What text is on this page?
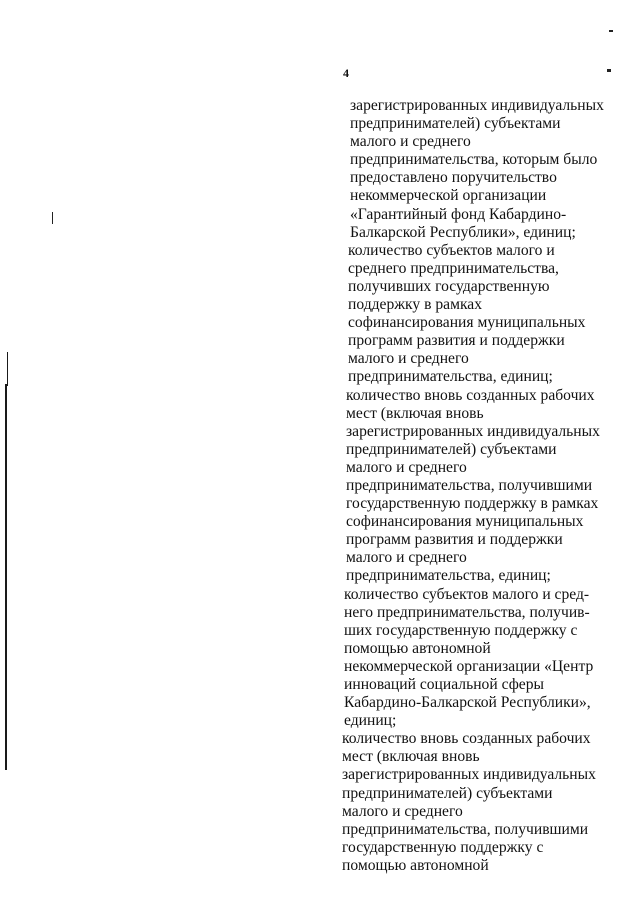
4
зарегистрированных индивидуальных
предпринимателей) субъектами
малого и среднего
предпринимательства, которым было
предоставлено поручительство
некоммерческой организации
«Гарантийный фонд Кабардино-
Балкарской Республики», единиц;
количество субъектов малого и
среднего предпринимательства,
получивших государственную
поддержку в рамках
софинансирования муниципальных
программ развития и поддержки
малого и среднего
предпринимательства, единиц;
количество вновь созданных рабочих
мест (включая вновь
зарегистрированных индивидуальных
предпринимателей) субъектами
малого и среднего
предпринимательства, получившими
государственную поддержку в рамках
софинансирования муниципальных
программ развития и поддержки
малого и среднего
предпринимательства, единиц;
количество субъектов малого и сред-
него предпринимательства, получив-
ших государственную поддержку с
помощью автономной
некоммерческой организации «Центр
инноваций социальной сферы
Кабардино-Балкарской Республики»,
единиц;
количество вновь созданных рабочих
мест (включая вновь
зарегистрированных индивидуальных
предпринимателей) субъектами
малого и среднего
предпринимательства, получившими
государственную поддержку с
помощью автономной
